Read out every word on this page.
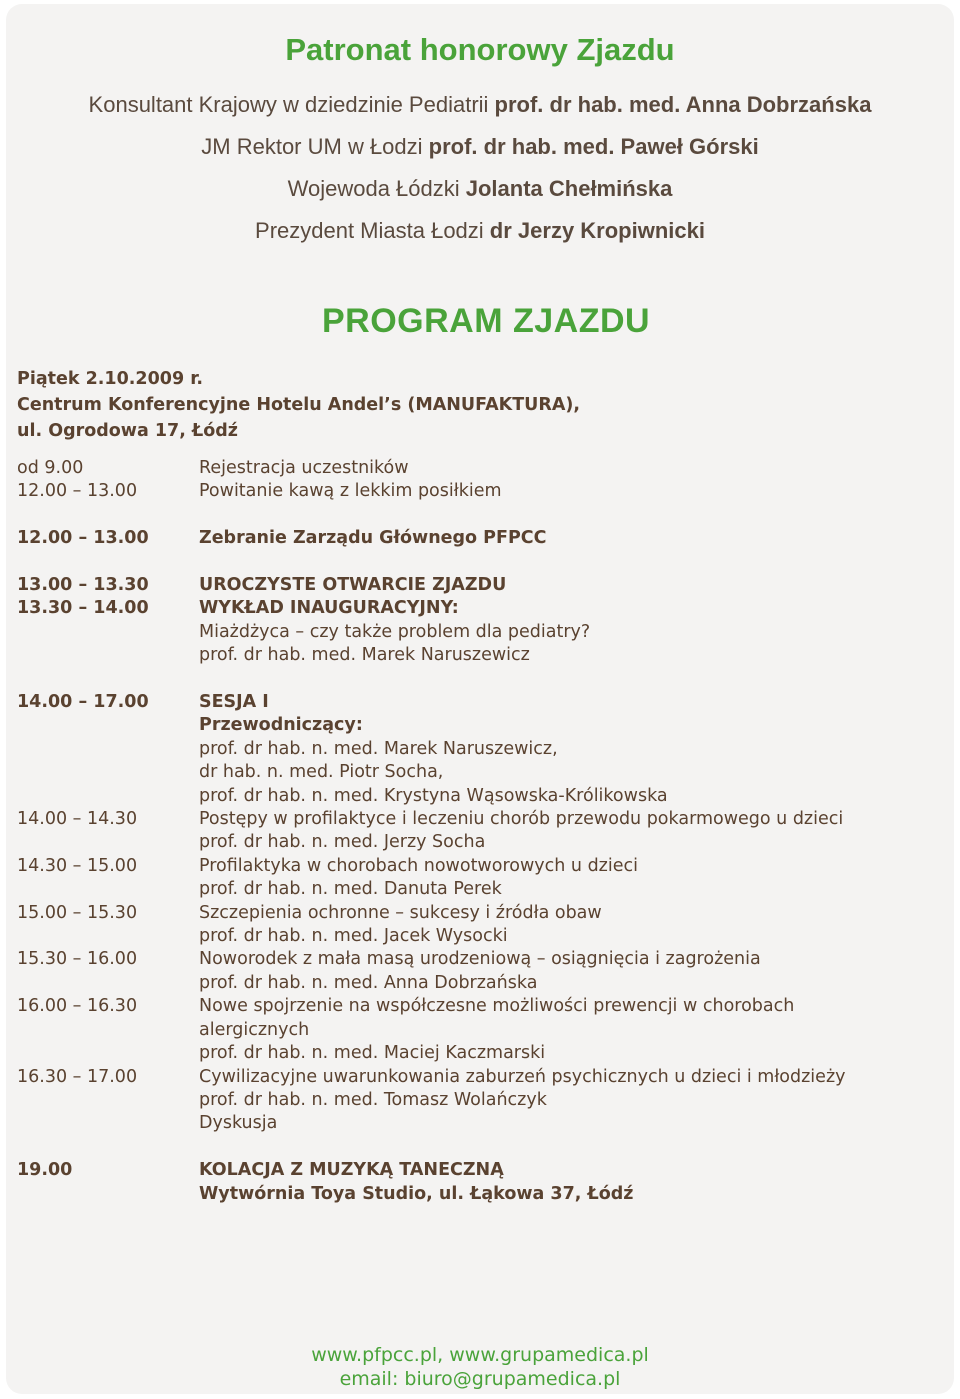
Patronat honorowy Zjazdu
Konsultant Krajowy w dziedzinie Pediatrii prof. dr hab. med. Anna Dobrzańska
JM Rektor UM w Łodzi prof. dr hab. med. Paweł Górski
Wojewoda Łódzki Jolanta Chełmińska
Prezydent Miasta Łodzi dr Jerzy Kropiwnicki
PROGRAM ZJAZDU
Piątek 2.10.2009 r.
Centrum Konferencyjne Hotelu Andel’s (MANUFAKTURA),
ul. Ogrodowa 17, Łódź
od 9.00	Rejestracja uczestników
12.00 – 13.00	Powitanie kawą z lekkim posiłkiem
12.00 – 13.00	Zebranie Zarządu Głównego PFPCC
13.00 – 13.30	UROCZYSTE OTWARCIE ZJAZDU
13.30 – 14.00	WYKŁAD INAUGURACYJNY:
Miażdżyca – czy także problem dla pediatry?
prof. dr hab. med. Marek Naruszewicz
14.00 – 17.00	SESJA I
Przewodniczący:
prof. dr hab. n. med. Marek Naruszewicz,
dr hab. n. med. Piotr Socha,
prof. dr hab. n. med. Krystyna Wąsowska-Królikowska
14.00 – 14.30	Postępy w profilaktyce i leczeniu chorób przewodu pokarmowego u dzieci
prof. dr hab. n. med. Jerzy Socha
14.30 – 15.00	Profilaktyka w chorobach nowotworowych u dzieci
prof. dr hab. n. med. Danuta Perek
15.00 – 15.30	Szczepienia ochronne – sukcesy i źródła obaw
prof. dr hab. n. med. Jacek Wysocki
15.30 – 16.00	Noworodek z mała masą urodzeniową – osiągnięcia i zagrożenia
prof. dr hab. n. med. Anna Dobrzańska
16.00 – 16.30	Nowe spojrzenie na współczesne możliwości prewencji w chorobach
alergicznych
prof. dr hab. n. med. Maciej Kaczmarski
16.30 – 17.00	Cywilizacyjne uwarunkowania zaburzeń psychicznych u dzieci i młodzieży
prof. dr hab. n. med. Tomasz Wolańczyk
Dyskusja
19.00	KOLACJA Z MUZYKĄ TANECZNĄ
Wytwórnia Toya Studio, ul. Łąkowa 37, Łódź
www.pfpcc.pl, www.grupamedica.pl
email: biuro@grupamedica.pl
